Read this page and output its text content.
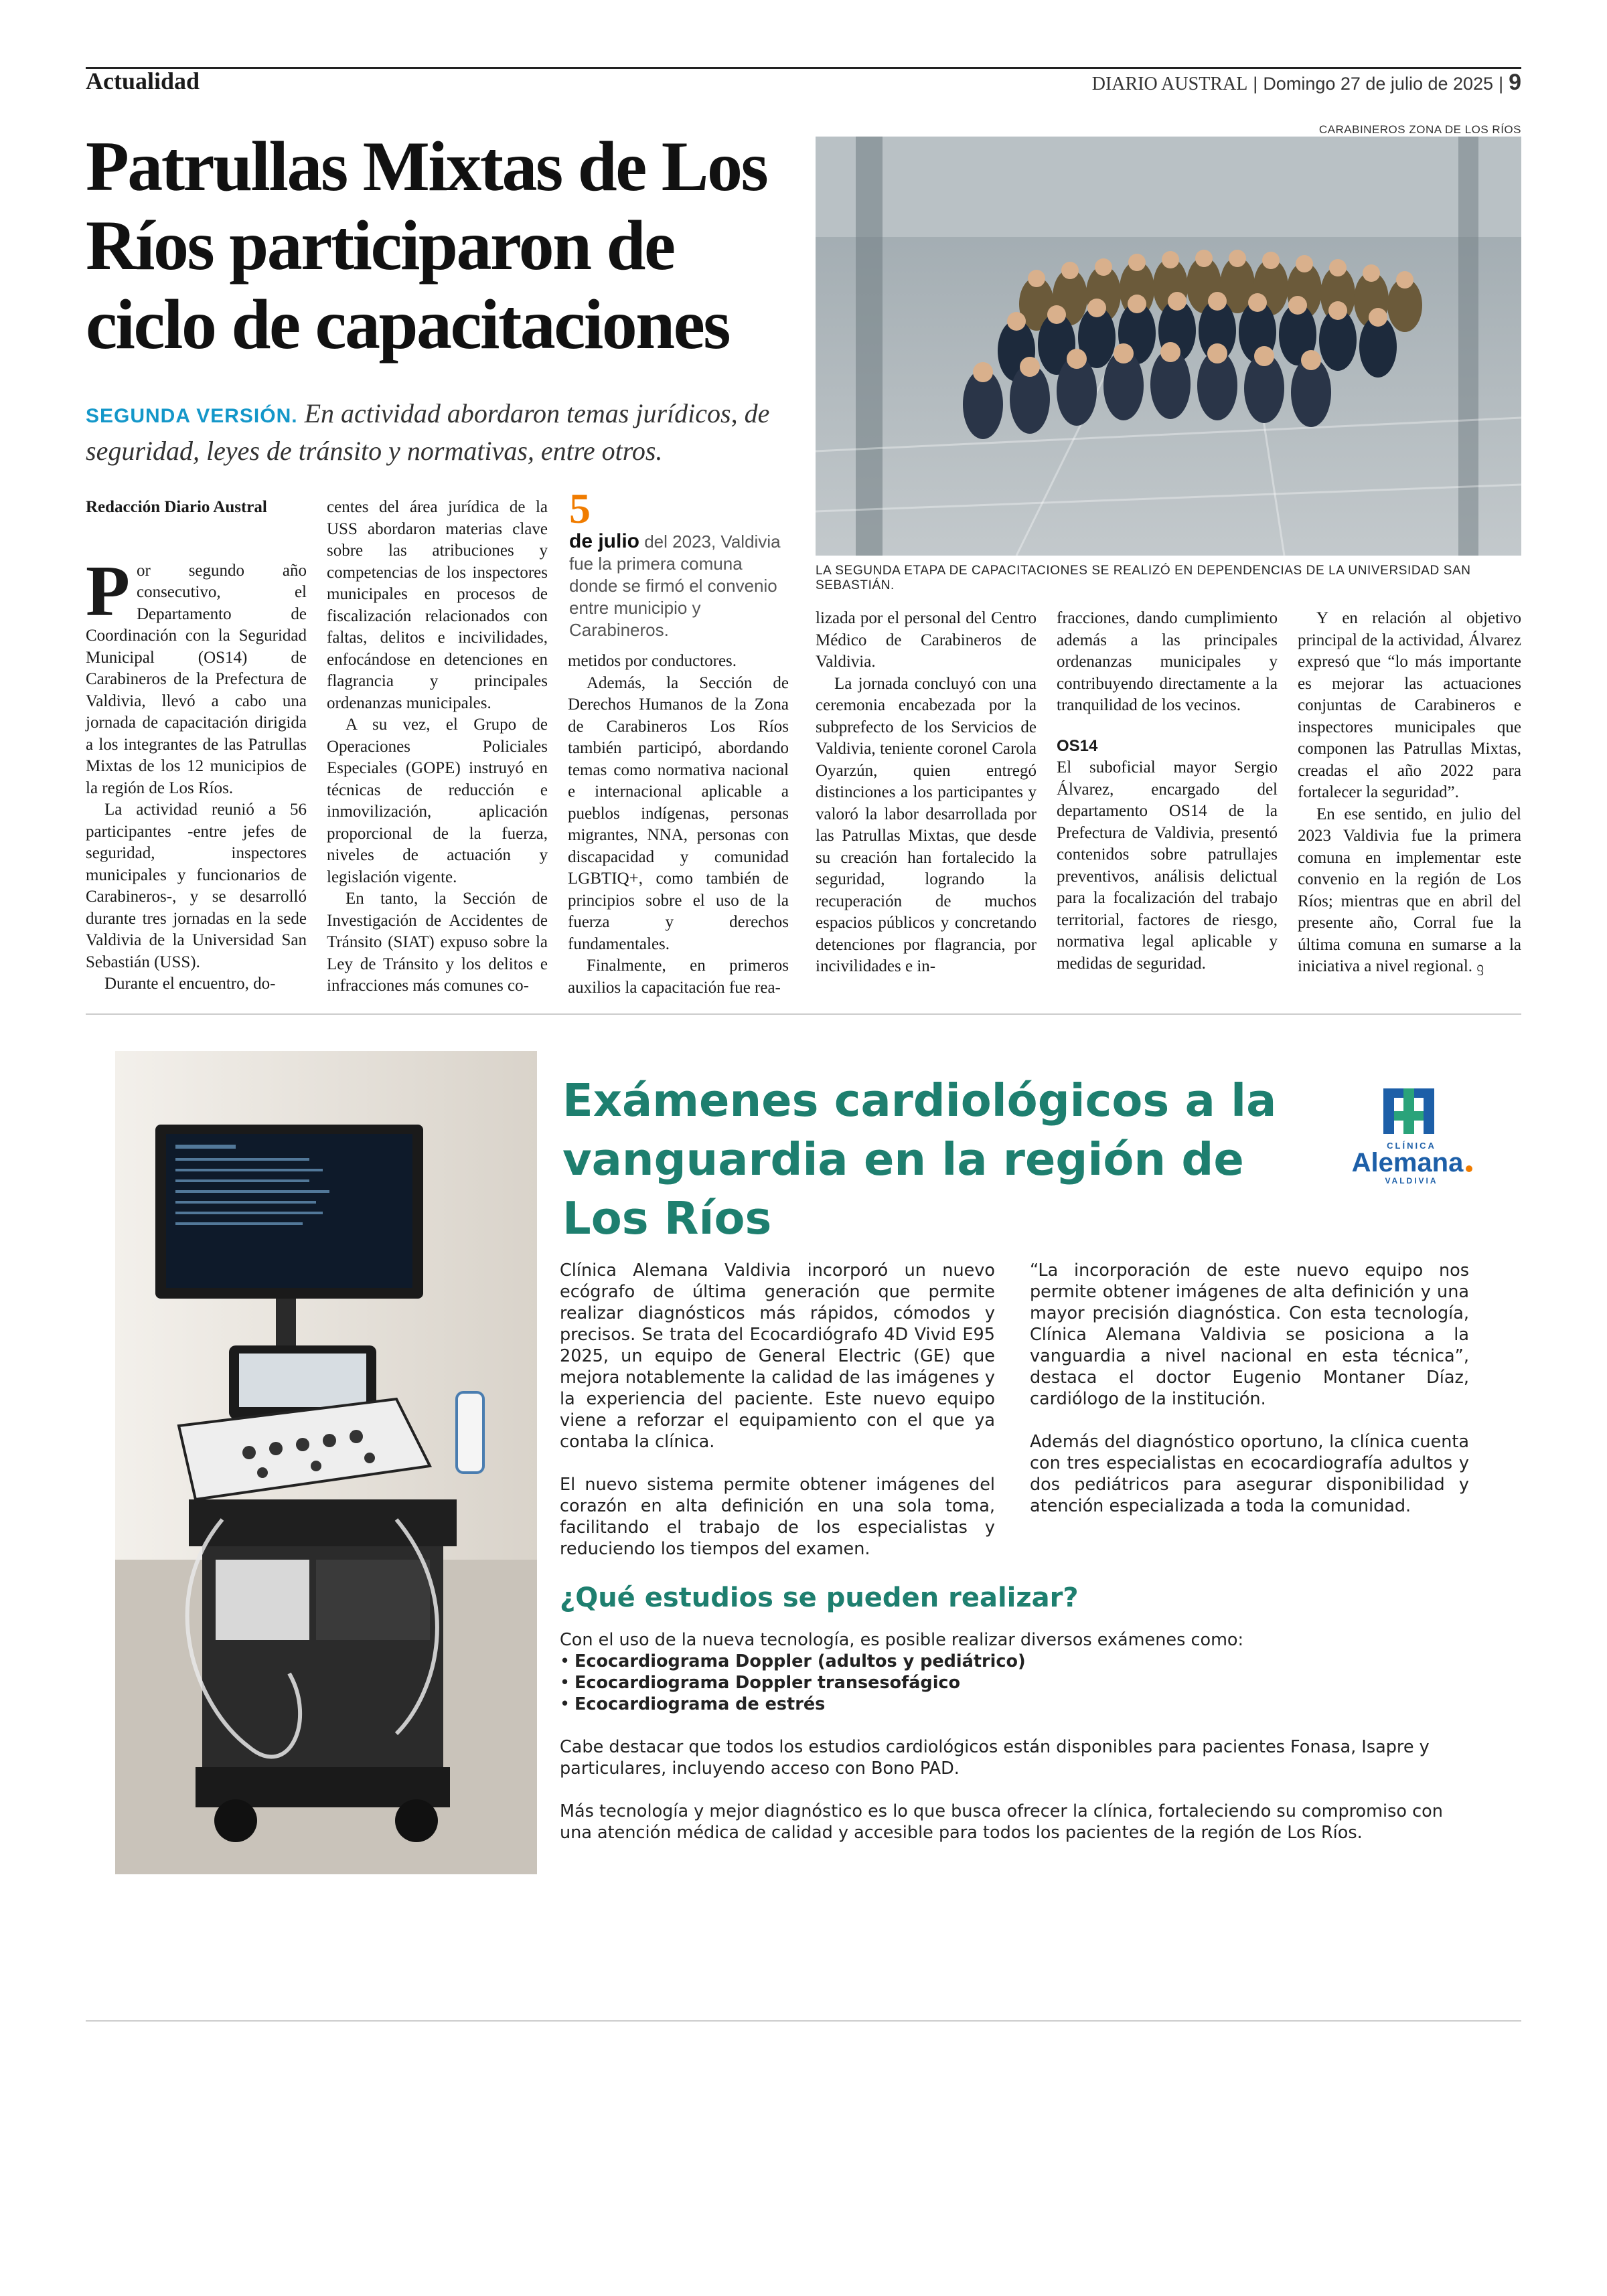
Actualidad	DIARIO AUSTRAL | Domingo 27 de julio de 2025 | 9
Patrullas Mixtas de Los Ríos participaron de ciclo de capacitaciones
SEGUNDA VERSIÓN. En actividad abordaron temas jurídicos, de seguridad, leyes de tránsito y normativas, entre otros.
CARABINEROS ZONA DE LOS RÍOS
LA SEGUNDA ETAPA DE CAPACITACIONES SE REALIZÓ EN DEPENDENCIAS DE LA UNIVERSIDAD SAN SEBASTIÁN.

Redacción Diario Austral

Por segundo año consecutivo, el Departamento de Coordinación con la Seguridad Municipal (OS14) de Carabineros de la Prefectura de Valdivia, llevó a cabo una jornada de capacitación dirigida a los integrantes de las Patrullas Mixtas de los 12 municipios de la región de Los Ríos.

La actividad reunió a 56 participantes -entre jefes de seguridad, inspectores municipales y funcionarios de Carabineros-, y se desarrolló durante tres jornadas en la sede Valdivia de la Universidad San Sebastián (USS).

Durante el encuentro, do-

centes del área jurídica de la USS abordaron materias clave sobre las atribuciones y competencias de los inspectores municipales en procesos de fiscalización relacionados con faltas, delitos e incivilidades, enfocándose en detenciones en flagrancia y principales ordenanzas municipales.

A su vez, el Grupo de Operaciones Policiales Especiales (GOPE) instruyó en técnicas de reducción e inmovilización, aplicación proporcional de la fuerza, niveles de actuación y legislación vigente.

En tanto, la Sección de Investigación de Accidentes de Tránsito (SIAT) expuso sobre la Ley de Tránsito y los delitos e infracciones más comunes co-

5
de julio del 2023, Valdivia fue la primera comuna donde se firmó el convenio entre municipio y Carabineros.

metidos por conductores.

Además, la Sección de Derechos Humanos de la Zona de Carabineros Los Ríos también participó, abordando temas como normativa nacional e internacional aplicable a pueblos indígenas, personas migrantes, NNA, personas con discapacidad y comunidad LGBTIQ+, como también de principios sobre el uso de la fuerza y derechos fundamentales.

Finalmente, en primeros auxilios la capacitación fue rea-

lizada por el personal del Centro Médico de Carabineros de Valdivia.

La jornada concluyó con una ceremonia encabezada por la subprefecto de los Servicios de Valdivia, teniente coronel Carola Oyarzún, quien entregó distinciones a los participantes y valoró la labor desarrollada por las Patrullas Mixtas, que desde su creación han fortalecido la seguridad, logrando la recuperación de muchos espacios públicos y concretando detenciones por flagrancia, por incivilidades e in-

fracciones, dando cumplimiento además a las principales ordenanzas municipales y contribuyendo directamente a la tranquilidad de los vecinos.

OS14

El suboficial mayor Sergio Álvarez, encargado del departamento OS14 de la Prefectura de Valdivia, presentó contenidos sobre patrullajes preventivos, análisis delictual para la focalización del trabajo territorial, factores de riesgo, normativa legal aplicable y medidas de seguridad.

Y en relación al objetivo principal de la actividad, Álvarez expresó que “lo más importante es mejorar las actuaciones conjuntas de Carabineros e inspectores municipales que componen las Patrullas Mixtas, creadas el año 2022 para fortalecer la seguridad”.

En ese sentido, en julio del 2023 Valdivia fue la primera comuna en implementar este convenio en la región de Los Ríos; mientras que en abril del presente año, Corral fue la última comuna en sumarse a la iniciativa a nivel regional. ᦋ

Exámenes cardiológicos a la vanguardia en la región de Los Ríos
CLÍNICA
Alemana
VALDIVIA

Clínica Alemana Valdivia incorporó un nuevo ecógrafo de última generación que permite realizar diagnósticos más rápidos, cómodos y precisos. Se trata del Ecocardiógrafo 4D Vivid E95 2025, un equipo de General Electric (GE) que mejora notablemente la calidad de las imágenes y la experiencia del paciente. Este nuevo equipo viene a reforzar el equipamiento con el que ya contaba la clínica.

El nuevo sistema permite obtener imágenes del corazón en alta definición en una sola toma, facilitando el trabajo de los especialistas y reduciendo los tiempos del examen.

“La incorporación de este nuevo equipo nos permite obtener imágenes de alta definición y una mayor precisión diagnóstica. Con esta tecnología, Clínica Alemana Valdivia se posiciona a la vanguardia a nivel nacional en esta técnica”, destaca el doctor Eugenio Montaner Díaz, cardiólogo de la institución.

Además del diagnóstico oportuno, la clínica cuenta con tres especialistas en ecocardiografía adultos y dos pediátricos para asegurar disponibilidad y atención especializada a toda la comunidad.

¿Qué estudios se pueden realizar?

Con el uso de la nueva tecnología, es posible realizar diversos exámenes como:

• Ecocardiograma Doppler (adultos y pediátrico)
• Ecocardiograma Doppler transesofágico
• Ecocardiograma de estrés

Cabe destacar que todos los estudios cardiológicos están disponibles para pacientes Fonasa, Isapre y particulares, incluyendo acceso con Bono PAD.

Más tecnología y mejor diagnóstico es lo que busca ofrecer la clínica, fortaleciendo su compromiso con una atención médica de calidad y accesible para todos los pacientes de la región de Los Ríos.
